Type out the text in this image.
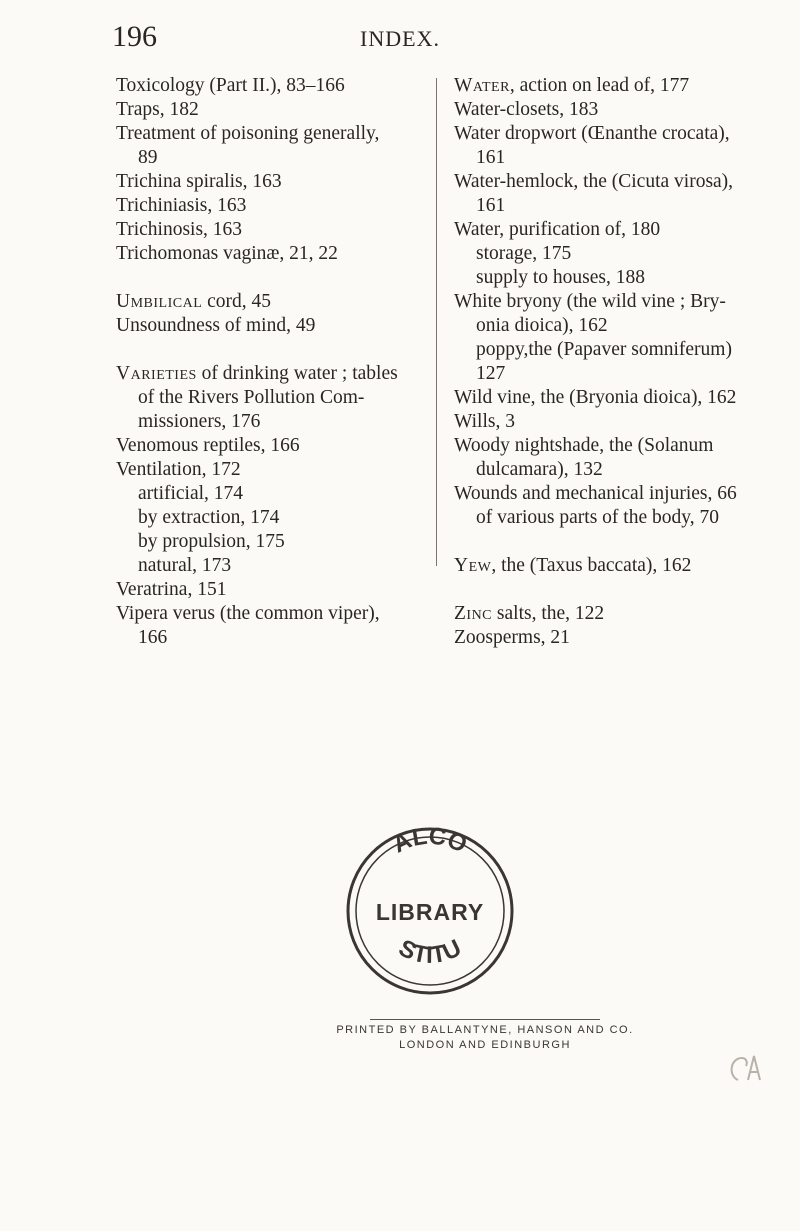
196	INDEX.
Toxicology (Part II.), 83–166
Traps, 182
Treatment of poisoning generally,
89
Trichina spiralis, 163
Trichiniasis, 163
Trichinosis, 163
Trichomonas vaginæ, 21, 22
Umbilical cord, 45
Unsoundness of mind, 49
Varieties of drinking water ; tables
of the Rivers Pollution Com-
missioners, 176
Venomous reptiles, 166
Ventilation, 172
artificial, 174
by extraction, 174
by propulsion, 175
natural, 173
Veratrina, 151
Vipera verus (the common viper),
166
Water, action on lead of, 177
Water-closets, 183
Water dropwort (Œnanthe crocata),
161
Water-hemlock, the (Cicuta virosa),
161
Water, purification of, 180
storage, 175
supply to houses, 188
White bryony (the wild vine ; Bry-
onia dioica), 162
poppy,the (Papaver somniferum)
127
Wild vine, the (Bryonia dioica), 162
Wills, 3
Woody nightshade, the (Solanum
dulcamara), 132
Wounds and mechanical injuries, 66
of various parts of the body, 70
Yew, the (Taxus baccata), 162
Zinc salts, the, 122
Zoosperms, 21
ALCO
STITU
LIBRARY
PRINTED BY BALLANTYNE, HANSON AND CO.
LONDON AND EDINBURGH
